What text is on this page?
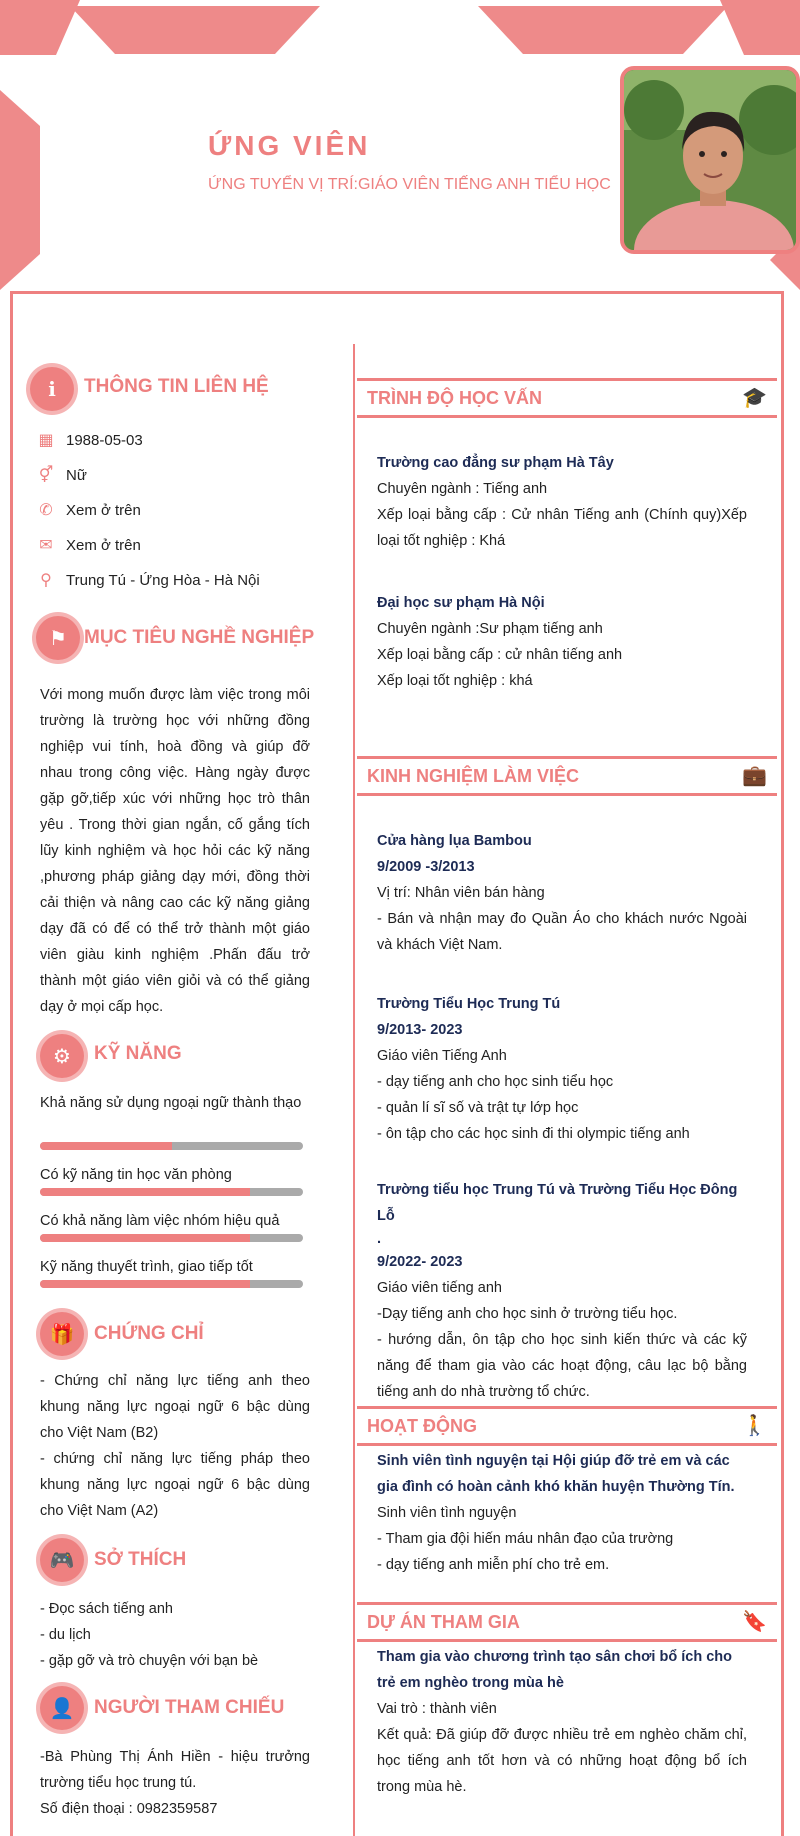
ỨNG VIÊN
ỨNG TUYỂN VỊ TRÍ:GIÁO VIÊN TIẾNG ANH TIỂU HỌC
i THÔNG TIN LIÊN HỆ
▦ 1988-05-03
⚥ Nữ
✆ Xem ở trên
✉ Xem ở trên
⚲ Trung Tú - Ứng Hòa - Hà Nội
⚑ MỤC TIÊU NGHỀ NGHIỆP
Với mong muốn được làm việc trong môi trường là trường học với những đồng nghiệp vui tính, hoà đồng và giúp đỡ nhau trong công việc. Hàng ngày được gặp gỡ,tiếp xúc với những học trò thân yêu . Trong thời gian ngắn, cố gắng tích lũy kinh nghiệm và học hỏi các kỹ năng ,phương pháp giảng dạy mới, đồng thời cải thiện và nâng cao các kỹ năng giảng dạy đã có để có thể trở thành một giáo viên giàu kinh nghiệm .Phấn đấu trở thành một giáo viên giỏi và có thể giảng dạy ở mọi cấp học.
⚙ KỸ NĂNG
Khả năng sử dụng ngoại ngữ thành thạo
Có kỹ năng tin học văn phòng
Có khả năng làm việc nhóm hiệu quả
Kỹ năng thuyết trình, giao tiếp tốt
🎁 CHỨNG CHỈ
- Chứng chỉ năng lực tiếng anh theo khung năng lực ngoại ngữ 6 bậc dùng cho Việt Nam (B2)
- chứng chỉ năng lực tiếng pháp theo khung năng lực ngoại ngữ 6 bậc dùng cho Việt Nam (A2)
🎮 SỞ THÍCH
- Đọc sách tiếng anh
- du lịch
- gặp gỡ và trò chuyện với bạn bè
👤 NGƯỜI THAM CHIẾU
-Bà Phùng Thị Ánh Hiền - hiệu trưởng trường tiểu học trung tú.
Số điện thoại : 0982359587
TRÌNH ĐỘ HỌC VẤN	🎓
Trường cao đẳng sư phạm Hà Tây
Chuyên ngành : Tiếng anh
Xếp loại bằng cấp : Cử nhân Tiếng anh (Chính quy)Xếp loại tốt nghiệp : Khá
Đại học sư phạm Hà Nội
Chuyên ngành :Sư phạm tiếng anh
Xếp loại bằng cấp : cử nhân tiếng anh
Xếp loại tốt nghiệp : khá
KINH NGHIỆM LÀM VIỆC	💼
Cửa hàng lụa Bambou
9/2009 -3/2013
Vị trí: Nhân viên bán hàng
- Bán và nhận may đo Quần Áo cho khách nước Ngoài và khách Việt Nam.
Trường Tiểu Học Trung Tú
9/2013- 2023
Giáo viên Tiếng Anh
- dạy tiếng anh cho học sinh tiểu học
- quản lí sĩ số và trật tự lớp học
- ôn tập cho các học sinh đi thi olympic tiếng anh
Trường tiểu học Trung Tú và Trường Tiểu Học Đông Lỗ
.
9/2022- 2023
Giáo viên tiếng anh
-Dạy tiếng anh cho học sinh ở trường tiểu học.
- hướng dẫn, ôn tập cho học sinh kiến thức và các kỹ năng để tham gia vào các hoạt động, câu lạc bộ bằng tiếng anh do nhà trường tổ chức.
HOẠT ĐỘNG	🚶
Sinh viên tình nguyện tại Hội giúp đỡ trẻ em và các gia đình có hoàn cảnh khó khăn huyện Thường Tín.
Sinh viên tình nguyện
- Tham gia đội hiến máu nhân đạo của trường
- dạy tiếng anh miễn phí cho trẻ em.
DỰ ÁN THAM GIA	🔖
Tham gia vào chương trình tạo sân chơi bổ ích cho trẻ em nghèo trong mùa hè
Vai trò : thành viên
Kết quả: Đã giúp đỡ được nhiều trẻ em nghèo chăm chỉ, học tiếng anh tốt hơn và có những hoạt động bổ ích trong mùa hè.
